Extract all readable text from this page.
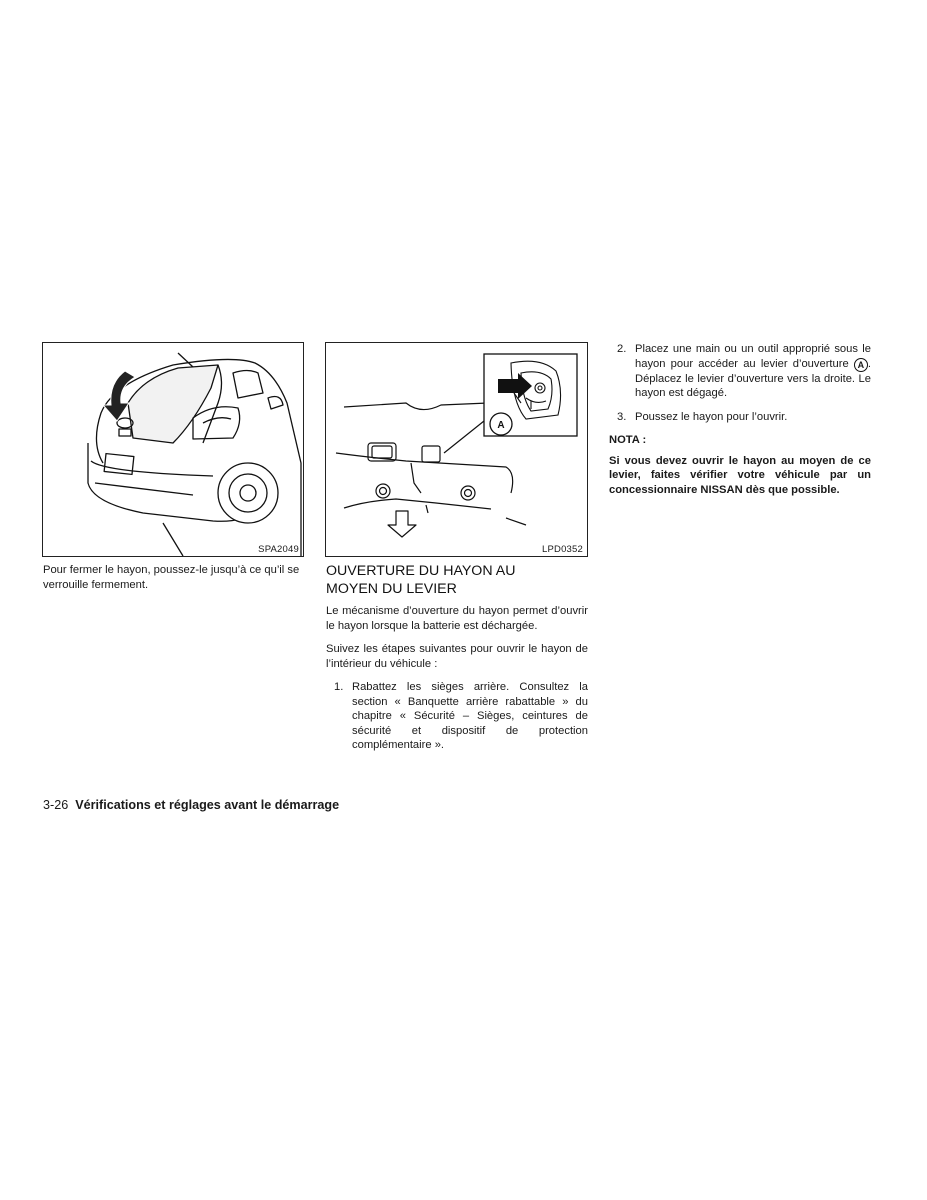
SPA2049
A
LPD0352
Pour fermer le hayon, poussez-le jusqu’à ce qu’il se verrouille fermement.
OUVERTURE DU HAYON AU
MOYEN DU LEVIER

Le mécanisme d’ouverture du hayon permet d’ouvrir le hayon lorsque la batterie est déchargée.

Suivez les étapes suivantes pour ouvrir le hayon de l’intérieur du véhicule :

1. Rabattez les sièges arrière. Consultez la section « Banquette arrière rabattable » du chapitre « Sécurité – Sièges, ceintures de sécurité et dispositif de protection complémentaire ».
2. Placez une main ou un outil approprié sous le hayon pour accéder au levier d’ouverture A . Déplacez le levier d’ouverture vers la droite. Le hayon est dégagé.
3. Poussez le hayon pour l’ouvrir.
NOTA :

Si vous devez ouvrir le hayon au moyen de ce levier, faites vérifier votre véhicule par un concessionnaire NISSAN dès que possible.

3-26 Vérifications et réglages avant le démarrage
